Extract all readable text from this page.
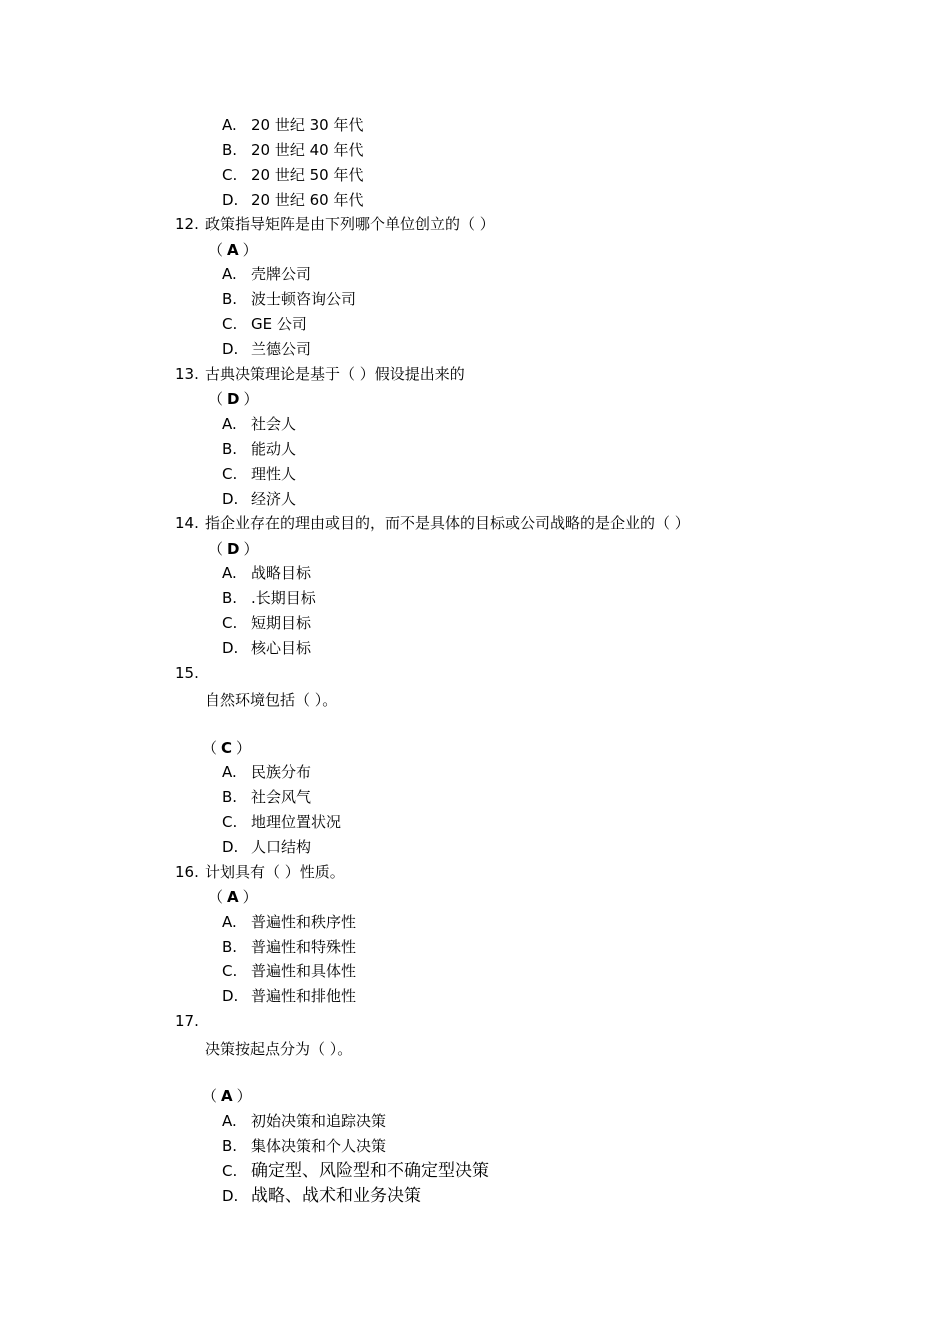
A. 20 世纪 30 年代
B. 20 世纪 40 年代
C. 20 世纪 50 年代
D. 20 世纪 60 年代
12. 政策指导矩阵是由下列哪个单位创立的（ ）
（ A ）
A. 壳牌公司
B. 波士顿咨询公司
C. GE 公司
D. 兰德公司
13. 古典决策理论是基于（ ）假设提出来的
（ D ）
A. 社会人
B. 能动人
C. 理性人
D. 经济人
14. 指企业存在的理由或目的，而不是具体的目标或公司战略的是企业的（ ）
（ D ）
A. 战略目标
B. .长期目标
C. 短期目标
D. 核心目标
15.
自然环境包括（ ）。
（ C ）
A. 民族分布
B. 社会风气
C. 地理位置状况
D. 人口结构
16. 计划具有（ ）性质。
（ A ）
A. 普遍性和秩序性
B. 普遍性和特殊性
C. 普遍性和具体性
D. 普遍性和排他性
17.
决策按起点分为（ ）。
（ A ）
A. 初始决策和追踪决策
B. 集体决策和个人决策
C. 确定型、风险型和不确定型决策
D. 战略、战术和业务决策
